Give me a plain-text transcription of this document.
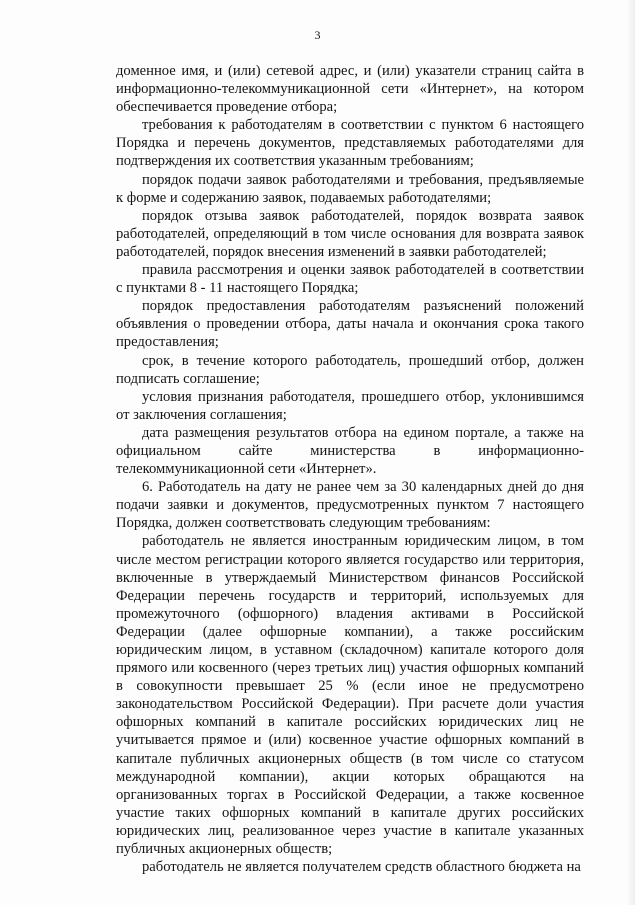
3

доменное имя, и (или) сетевой адрес, и (или) указатели страниц сайта в информационно-телекоммуникационной сети «Интернет», на котором обеспечивается проведение отбора;

требования к работодателям в соответствии с пунктом 6 настоящего Порядка и перечень документов, представляемых работодателями для подтверждения их соответствия указанным требованиям;

порядок подачи заявок работодателями и требования, предъявляемые к форме и содержанию заявок, подаваемых работодателями;

порядок отзыва заявок работодателей, порядок возврата заявок работодателей, определяющий в том числе основания для возврата заявок работодателей, порядок внесения изменений в заявки работодателей;

правила рассмотрения и оценки заявок работодателей в соответствии с пунктами 8 - 11 настоящего Порядка;

порядок предоставления работодателям разъяснений положений объявления о проведении отбора, даты начала и окончания срока такого предоставления;

срок, в течение которого работодатель, прошедший отбор, должен подписать соглашение;

условия признания работодателя, прошедшего отбор, уклонившимся от заключения соглашения;

дата размещения результатов отбора на едином портале, а также на официальном сайте министерства в информационно-телекоммуникационной сети «Интернет».

6. Работодатель на дату не ранее чем за 30 календарных дней до дня подачи заявки и документов, предусмотренных пунктом 7 настоящего Порядка, должен соответствовать следующим требованиям:

работодатель не является иностранным юридическим лицом, в том числе местом регистрации которого является государство или территория, включенные в утверждаемый Министерством финансов Российской Федерации перечень государств и территорий, используемых для промежуточного (офшорного) владения активами в Российской Федерации (далее офшорные компании), а также российским юридическим лицом, в уставном (складочном) капитале которого доля прямого или косвенного (через третьих лиц) участия офшорных компаний в совокупности превышает 25 % (если иное не предусмотрено законодательством Российской Федерации). При расчете доли участия офшорных компаний в капитале российских юридических лиц не учитывается прямое и (или) косвенное участие офшорных компаний в капитале публичных акционерных обществ (в том числе со статусом международной компании), акции которых обращаются на организованных торгах в Российской Федерации, а также косвенное участие таких офшорных компаний в капитале других российских юридических лиц, реализованное через участие в капитале указанных публичных акционерных обществ;

работодатель не является получателем средств областного бюджета на
